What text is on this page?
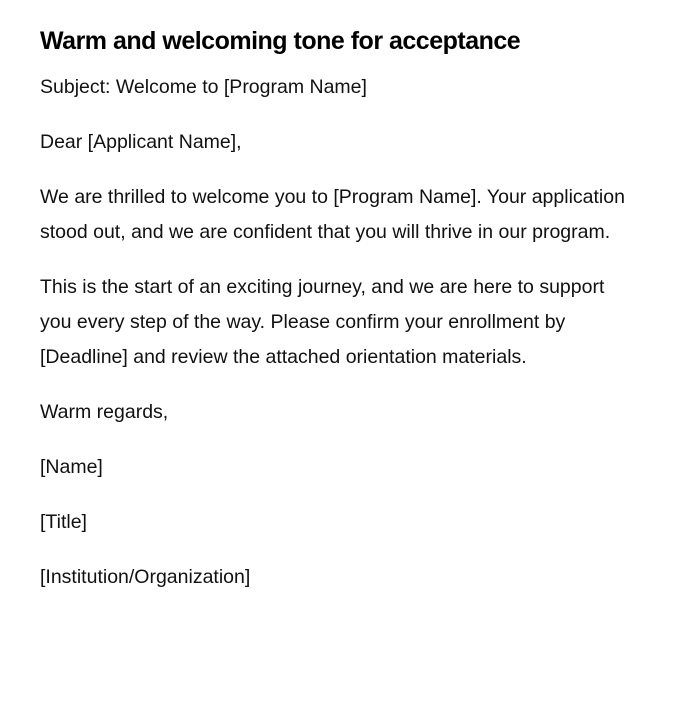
Warm and welcoming tone for acceptance

Subject: Welcome to [Program Name]

Dear [Applicant Name],

We are thrilled to welcome you to [Program Name]. Your application stood out, and we are confident that you will thrive in our program.

This is the start of an exciting journey, and we are here to support you every step of the way. Please confirm your enrollment by [Deadline] and review the attached orientation materials.

Warm regards,

[Name]

[Title]

[Institution/Organization]
